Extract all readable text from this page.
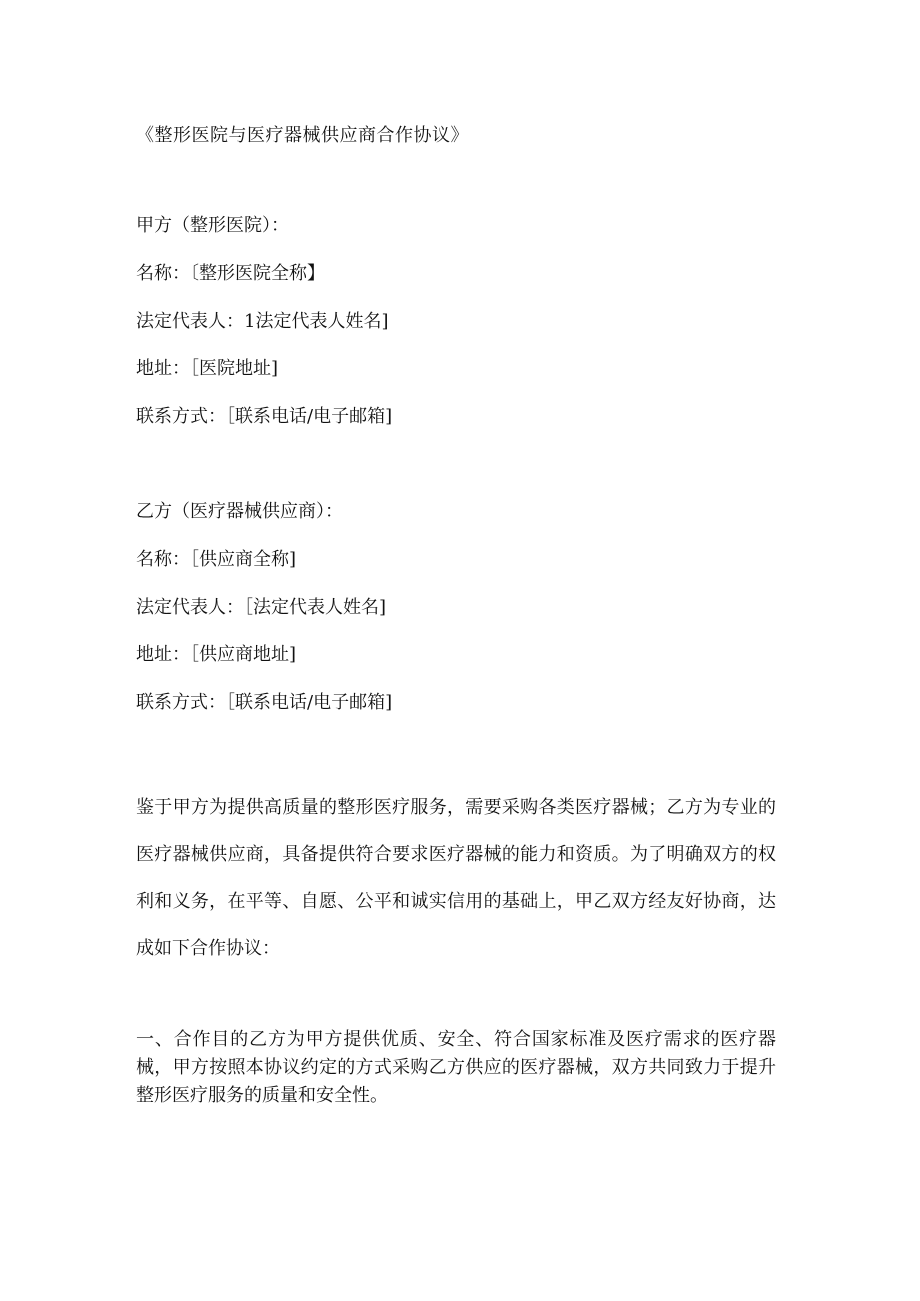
《整形医院与医疗器械供应商合作协议》
甲方（整形医院）：
名称：〔整形医院全称】
法定代表人：1法定代表人姓名]
地址：［医院地址]
联系方式：［联系电话/电子邮箱]
乙方（医疗器械供应商）：
名称：［供应商全称]
法定代表人：［法定代表人姓名]
地址：［供应商地址]
联系方式：［联系电话/电子邮箱]
鉴于甲方为提供高质量的整形医疗服务，需要采购各类医疗器械；乙方为专业的医疗器械供应商，具备提供符合要求医疗器械的能力和资质。为了明确双方的权利和义务，在平等、自愿、公平和诚实信用的基础上，甲乙双方经友好协商，达成如下合作协议：
一、合作目的乙方为甲方提供优质、安全、符合国家标准及医疗需求的医疗器械，甲方按照本协议约定的方式采购乙方供应的医疗器械，双方共同致力于提升整形医疗服务的质量和安全性。
